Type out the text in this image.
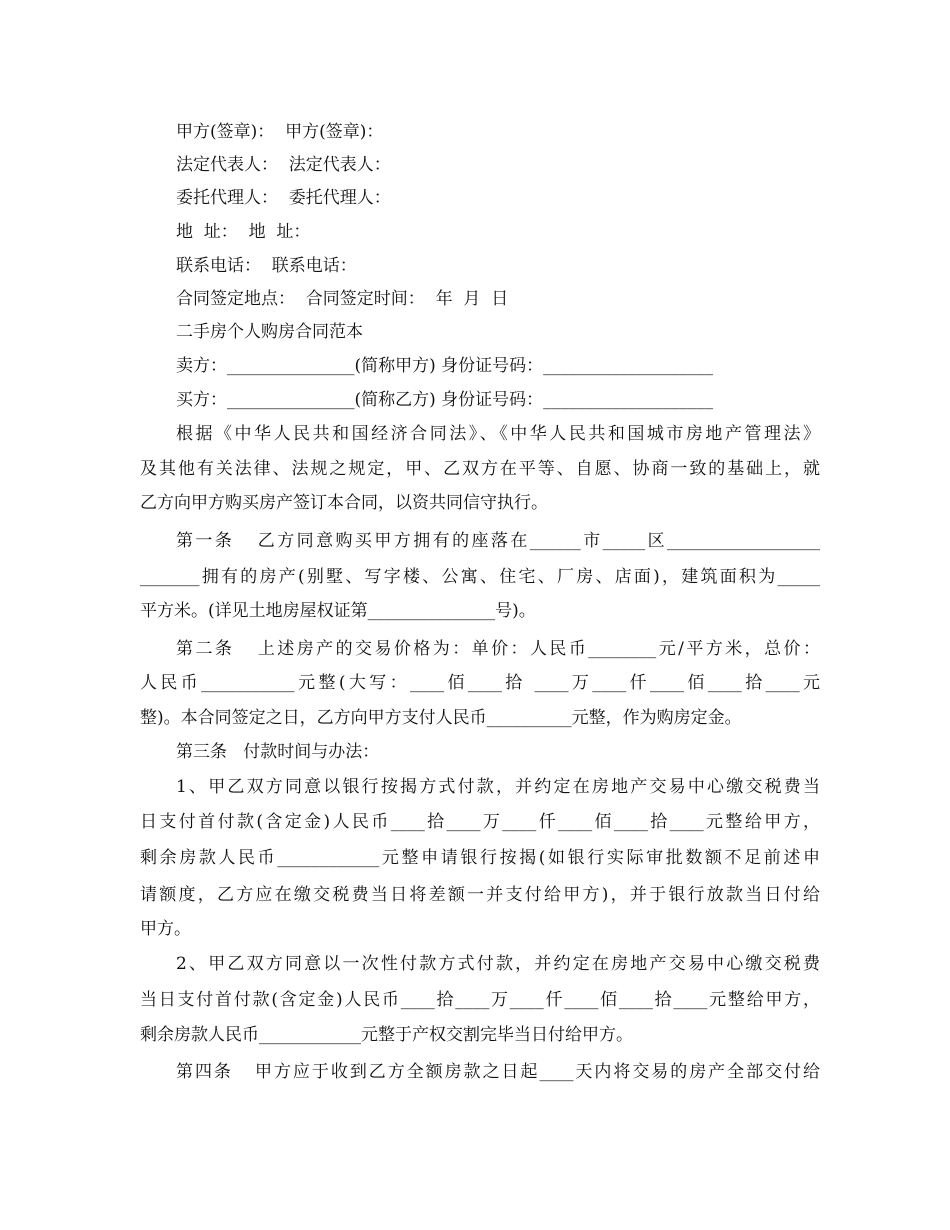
甲方(签章)：  甲方(签章)：
法定代表人：  法定代表人：
委托代理人：  委托代理人：
地  址：  地  址：
联系电话：  联系电话：
合同签定地点：  合同签定时间：  年  月  日
二手房个人购房合同范本
卖方：_______________(简称甲方) 身份证号码：____________________
买方：_______________(简称乙方) 身份证号码：____________________
根据《中华人民共和国经济合同法》、《中华人民共和国城市房地产管理法》
及其他有关法律、法规之规定，甲、乙双方在平等、自愿、协商一致的基础上，就
乙方向甲方购买房产签订本合同，以资共同信守执行。
第一条   乙方同意购买甲方拥有的座落在______市_____区__________________
_______拥有的房产(别墅、写字楼、公寓、住宅、厂房、店面)，建筑面积为_____
平方米。(详见土地房屋权证第_______________号)。
第二条   上述房产的交易价格为：单价：人民币________元/平方米，总价：
人民币___________元整(大写：____佰____拾 ____万____仟____佰____拾____元
整)。本合同签定之日，乙方向甲方支付人民币__________元整，作为购房定金。
第三条   付款时间与办法：
1、甲乙双方同意以银行按揭方式付款，并约定在房地产交易中心缴交税费当
日支付首付款(含定金)人民币____拾____万____仟____佰____拾____元整给甲方，
剩余房款人民币____________元整申请银行按揭(如银行实际审批数额不足前述申
请额度，乙方应在缴交税费当日将差额一并支付给甲方)，并于银行放款当日付给
甲方。
2、甲乙双方同意以一次性付款方式付款，并约定在房地产交易中心缴交税费
当日支付首付款(含定金)人民币____拾____万____仟____佰____拾____元整给甲方，
剩余房款人民币____________元整于产权交割完毕当日付给甲方。
第四条   甲方应于收到乙方全额房款之日起____天内将交易的房产全部交付给
